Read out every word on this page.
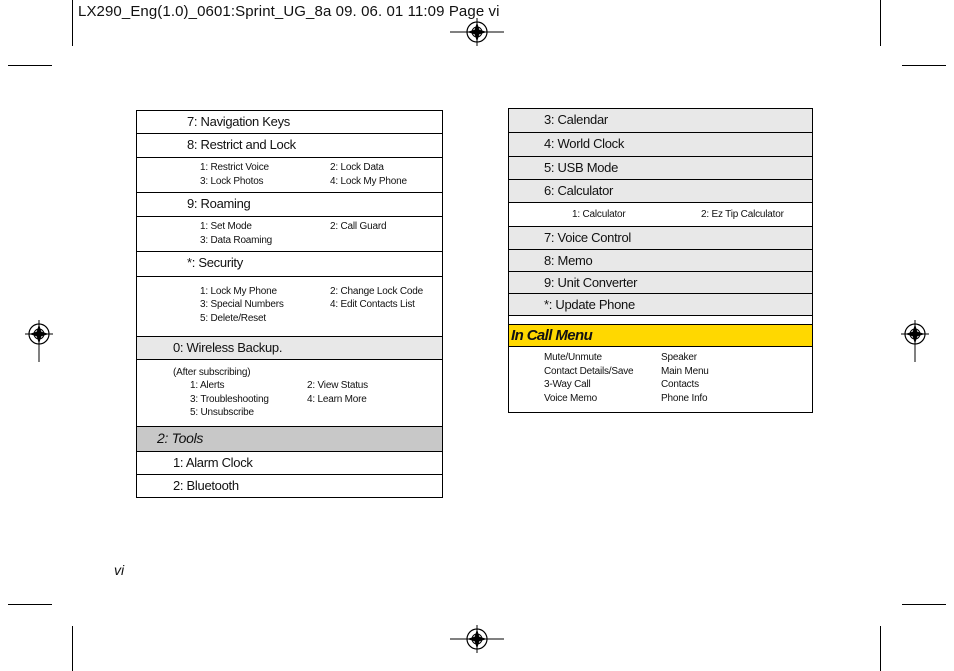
LX290_Eng(1.0)_0601:Sprint_UG_8a 09. 06. 01 11:09 Page vi
7: Navigation Keys
8: Restrict and Lock
1: Restrict Voice	2: Lock Data
3: Lock Photos	4: Lock My Phone
9: Roaming
1: Set Mode	2: Call Guard
3: Data Roaming
*: Security
1: Lock My Phone	2: Change Lock Code
3: Special Numbers	4: Edit Contacts List
5: Delete/Reset
0: Wireless Backup.
(After subscribing)
1: Alerts	2: View Status
3: Troubleshooting	4: Learn More
5: Unsubscribe
2: Tools
1: Alarm Clock
2: Bluetooth
3: Calendar
4: World Clock
5: USB Mode
6: Calculator
1: Calculator	2: Ez Tip Calculator
7: Voice Control
8: Memo
9: Unit Converter
*: Update Phone
In Call Menu
Mute/Unmute	Speaker
Contact Details/Save	Main Menu
3-Way Call	Contacts
Voice Memo	Phone Info
vi
